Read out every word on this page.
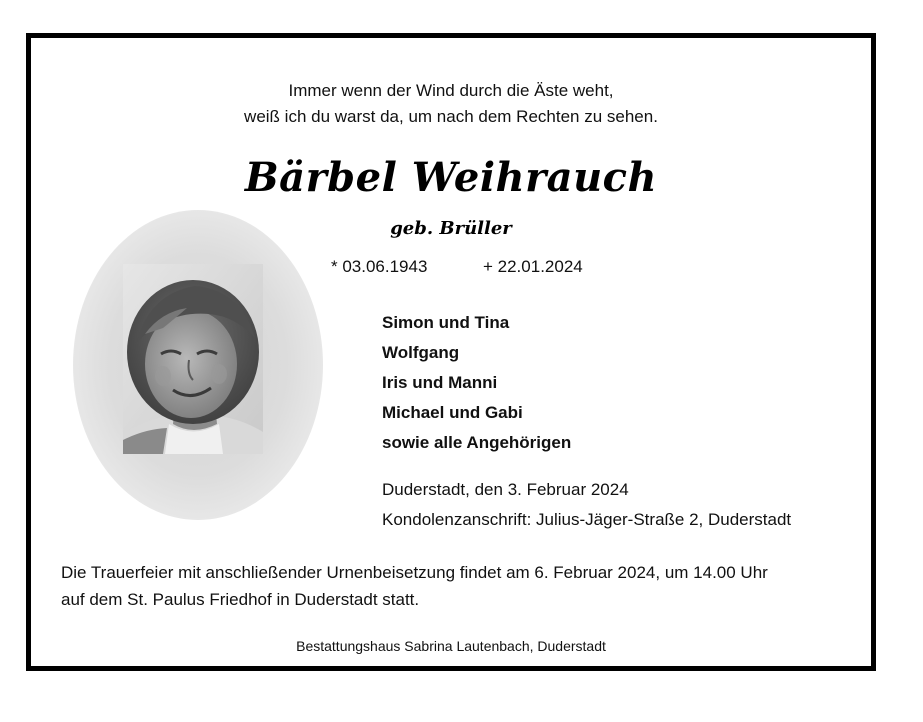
Immer wenn der Wind durch die Äste weht,
weiß ich du warst da, um nach dem Rechten zu sehen.
Bärbel Weihrauch
geb. Brüller
* 03.06.1943	+ 22.01.2024
Simon und Tina
Wolfgang
Iris und Manni
Michael und Gabi
sowie alle Angehörigen
Duderstadt, den 3. Februar 2024
Kondolenzanschrift: Julius-Jäger-Straße 2, Duderstadt
Die Trauerfeier mit anschließender Urnenbeisetzung findet am 6. Februar 2024, um 14.00 Uhr
auf dem St. Paulus Friedhof in Duderstadt statt.
Bestattungshaus Sabrina Lautenbach, Duderstadt
